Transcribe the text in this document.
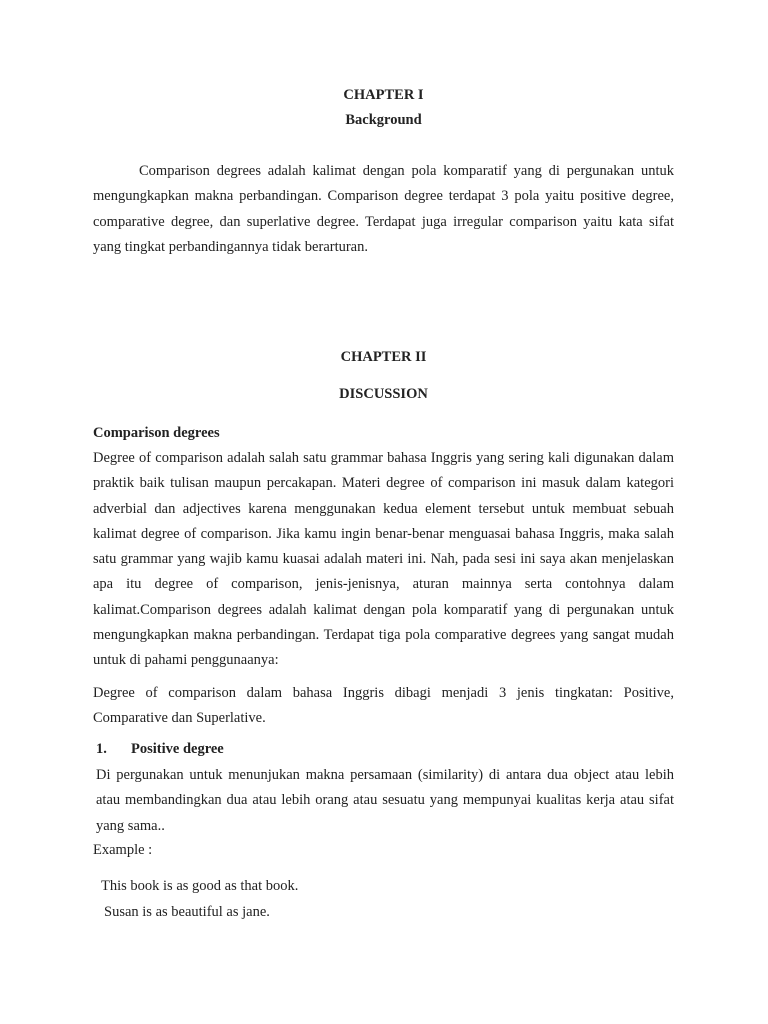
CHAPTER I
Background
Comparison degrees adalah kalimat dengan pola komparatif yang di pergunakan untuk mengungkapkan makna perbandingan. Comparison degree terdapat 3 pola yaitu positive degree, comparative degree, dan superlative degree. Terdapat juga irregular comparison yaitu kata sifat yang tingkat perbandingannya tidak berarturan.
CHAPTER II
DISCUSSION
Comparison degrees
Degree of comparison adalah salah satu grammar bahasa Inggris yang sering kali digunakan dalam praktik baik tulisan maupun percakapan. Materi degree of comparison ini masuk dalam kategori adverbial dan adjectives karena menggunakan kedua element tersebut untuk membuat sebuah kalimat degree of comparison. Jika kamu ingin benar-benar menguasai bahasa Inggris, maka salah satu grammar yang wajib kamu kuasai adalah materi ini. Nah, pada sesi ini saya akan menjelaskan apa itu degree of comparison, jenis-jenisnya, aturan mainnya serta contohnya dalam kalimat.Comparison degrees adalah kalimat dengan pola komparatif yang di pergunakan untuk mengungkapkan makna perbandingan. Terdapat tiga pola comparative degrees yang sangat mudah untuk di pahami penggunaanya:
Degree of comparison dalam bahasa Inggris dibagi menjadi 3 jenis tingkatan: Positive, Comparative dan Superlative.
1. Positive degree
Di pergunakan untuk menunjukan makna persamaan (similarity) di antara dua object atau lebih atau membandingkan dua atau lebih orang atau sesuatu yang mempunyai kualitas kerja atau sifat yang sama..
Example :
This book is as good as that book.
Susan is as beautiful as jane.
